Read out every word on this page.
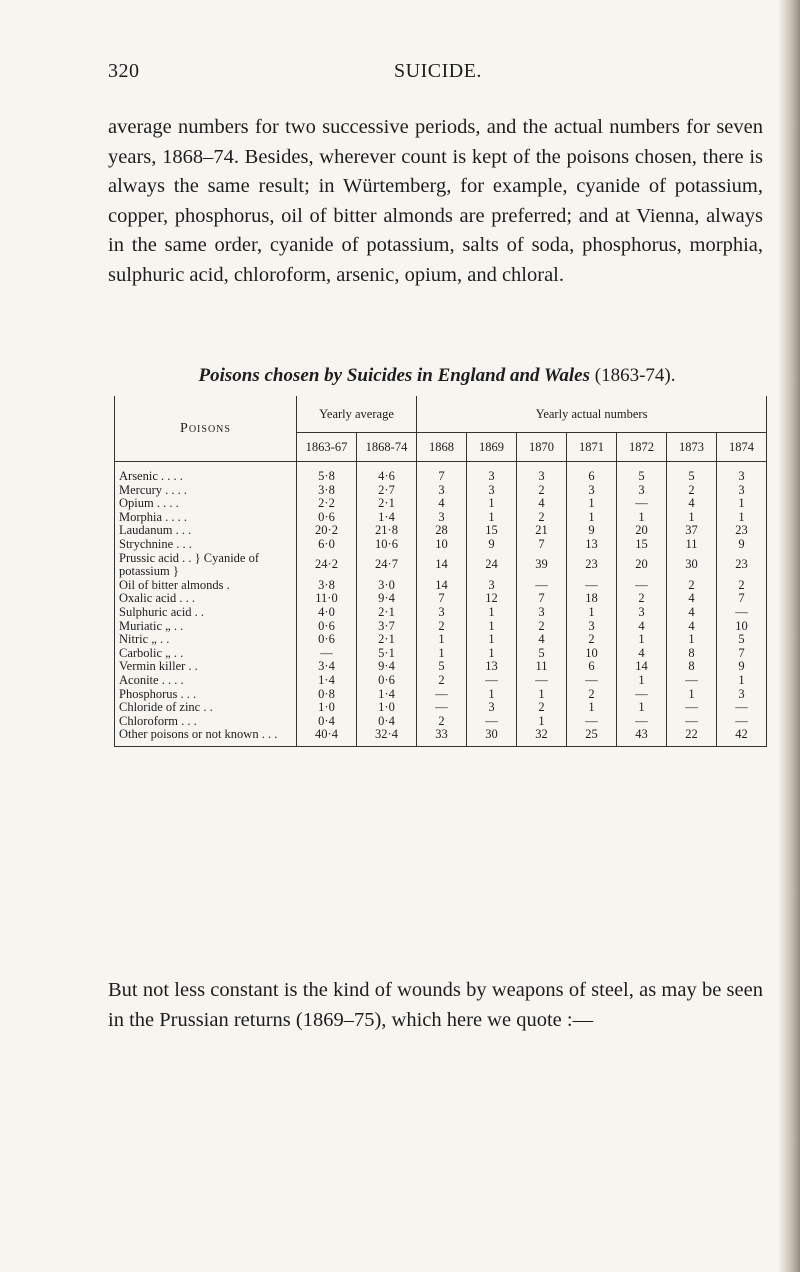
320	SUICIDE.

average numbers for two successive periods, and the actual numbers for seven years, 1868–74. Besides, wherever count is kept of the poisons chosen, there is always the same result; in Würtemberg, for example, cyanide of potassium, copper, phosphorus, oil of bitter almonds are preferred; and at Vienna, always in the same order, cyanide of potassium, salts of soda, phosphorus, morphia, sulphuric acid, chloroform, arsenic, opium, and chloral.

Poisons chosen by Suicides in England and Wales (1863-74).
Poisons	Yearly average		Yearly actual numbers						
	1863-67	1868-74	1868	1869	1870	1871	1872	1873	1874
Arsenic . . . .	5·8	4·6	7	3	3	6	5	5	3
Mercury . . . .	3·8	2·7	3	3	2	3	3	2	3
Opium . . . .	2·2	2·1	4	1	4	1	—	4	1
Morphia . . . .	0·6	1·4	3	1	2	1	1	1	1
Laudanum . . .	20·2	21·8	28	15	21	9	20	37	23
Strychnine . . .	6·0	10·6	10	9	7	13	15	11	9
Prussic acid . . } Cyanide of potassium }	24·2	24·7	14	24	39	23	20	30	23
Oil of bitter almonds .	3·8	3·0	14	3	—	—	—	2	2
Oxalic acid . . .	11·0	9·4	7	12	7	18	2	4	7
Sulphuric acid . .	4·0	2·1	3	1	3	1	3	4	—
Muriatic „ . .	0·6	3·7	2	1	2	3	4	4	10
Nitric „ . .	0·6	2·1	1	1	4	2	1	1	5
Carbolic „ . .	—	5·1	1	1	5	10	4	8	7
Vermin killer . .	3·4	9·4	5	13	11	6	14	8	9
Aconite . . . .	1·4	0·6	2	—	—	—	1	—	1
Phosphorus . . .	0·8	1·4	—	1	1	2	—	1	3
Chloride of zinc . .	1·0	1·0	—	3	2	1	1	—	—
Chloroform . . .	0·4	0·4	2	—	1	—	—	—	—
Other poisons or not known . . .	40·4	32·4	33	30	32	25	43	22	42

But not less constant is the kind of wounds by weapons of steel, as may be seen in the Prussian returns (1869–75), which here we quote :—
